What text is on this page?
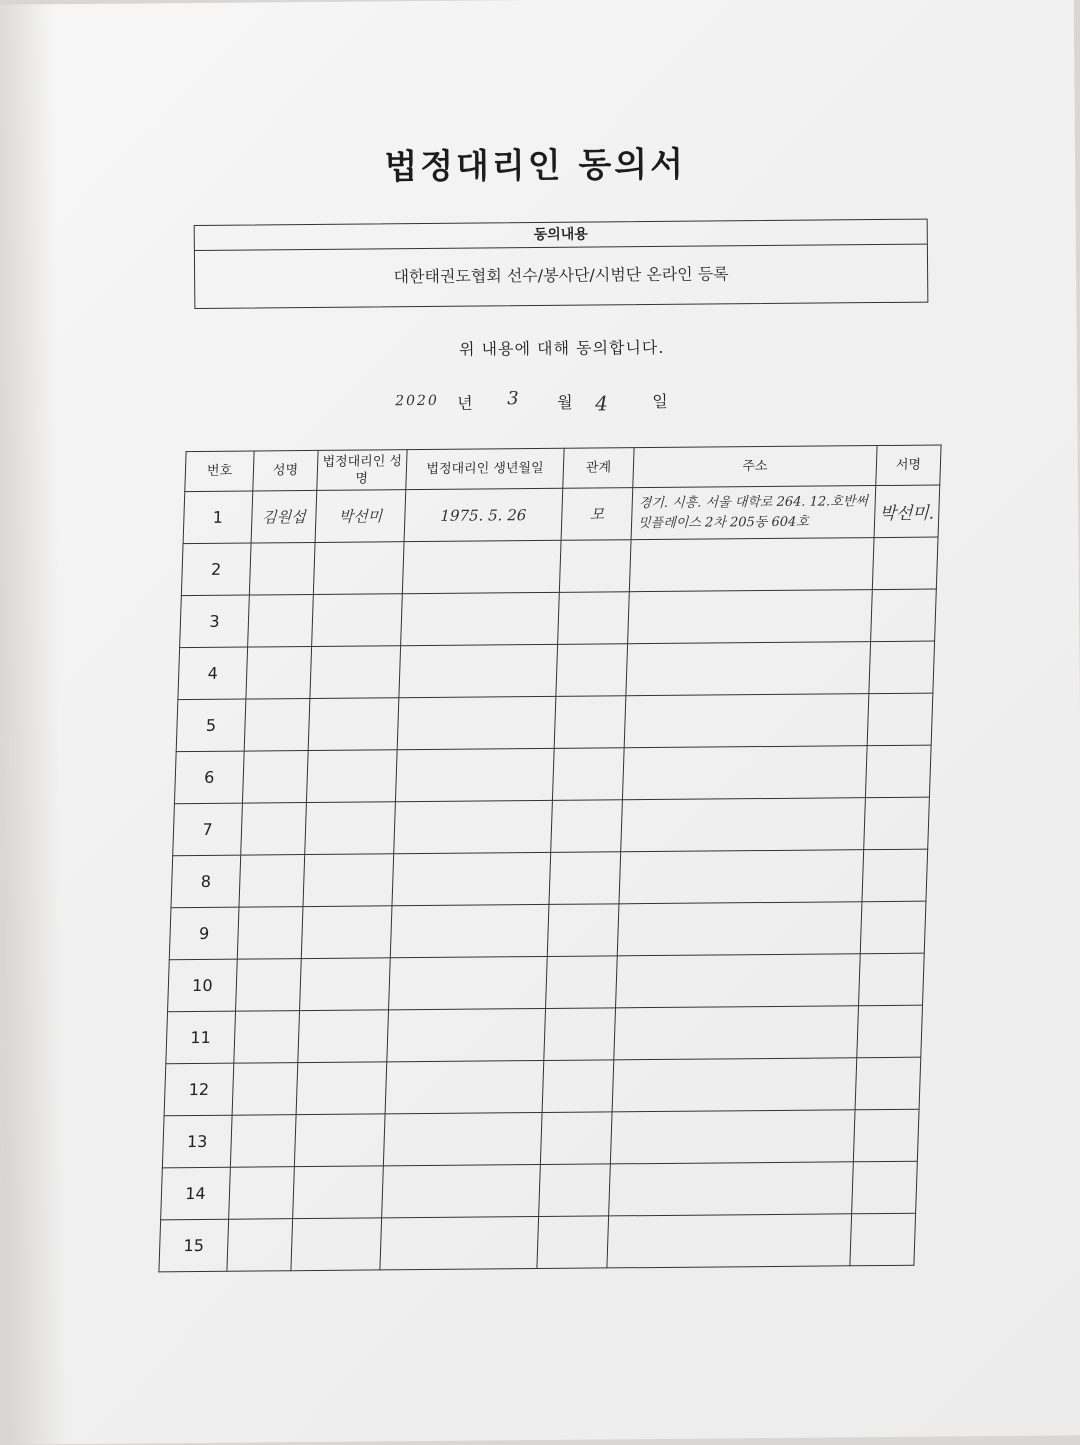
법정대리인 동의서
동의내용
대한태권도협회 선수/봉사단/시범단 온라인 등록
위 내용에 대해 동의합니다.
2020 년 3 월 4	일
번호	성명	법정대리인 성명	법정대리인 생년월일	관계	주소	서명
1	김원섭	박선미	1975. 5. 26	모	경기. 시흥. 서울 대학로 264. 12.호반써밋플레이스 2차 205동 604호	박선미.
2						
3						
4						
5						
6						
7						
8						
9						
10						
11						
12						
13						
14						
15						
